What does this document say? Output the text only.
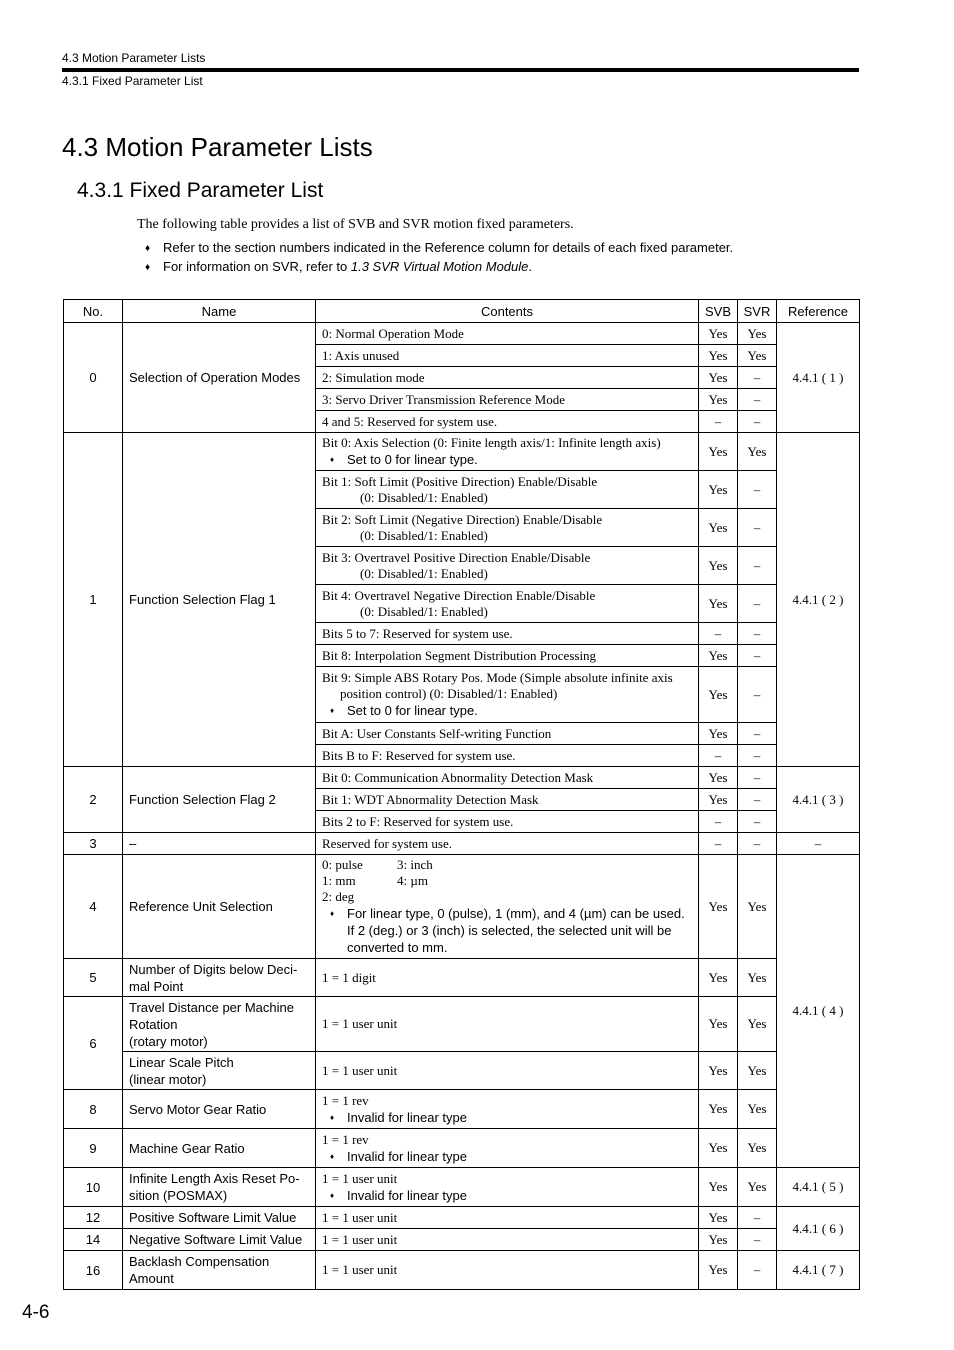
4.3 Motion Parameter Lists
4.3.1 Fixed Parameter List
4.3 Motion Parameter Lists
4.3.1 Fixed Parameter List
The following table provides a list of SVB and SVR motion fixed parameters.
♦ Refer to the section numbers indicated in the Reference column for details of each fixed parameter.
♦ For information on SVR, refer to 1.3 SVR Virtual Motion Module.
No.	Name	Contents	SVB	SVR	Reference
0	Selection of Operation Modes	0: Normal Operation Mode	Yes	Yes	4.4.1 ( 1 )
		1: Axis unused	Yes	Yes	
		2: Simulation mode	Yes	–	
		3: Servo Driver Transmission Reference Mode	Yes	–	
		4 and 5: Reserved for system use.	–	–	
1	Function Selection Flag 1	Bit 0: Axis Selection (0: Finite length axis/1: Infinite length axis)
♦ Set to 0 for linear type.	Yes	Yes	4.4.1 ( 2 )
		Bit 1: Soft Limit (Positive Direction) Enable/Disable
(0: Disabled/1: Enabled)	Yes	–	
		Bit 2: Soft Limit (Negative Direction) Enable/Disable
(0: Disabled/1: Enabled)	Yes	–	
		Bit 3: Overtravel Positive Direction Enable/Disable
(0: Disabled/1: Enabled)	Yes	–	
		Bit 4: Overtravel Negative Direction Enable/Disable
(0: Disabled/1: Enabled)	Yes	–	
		Bits 5 to 7: Reserved for system use.	–	–	
		Bit 8: Interpolation Segment Distribution Processing	Yes	–	
		Bit 9: Simple ABS Rotary Pos. Mode (Simple absolute infinite axis
position control) (0: Disabled/1: Enabled)
♦ Set to 0 for linear type.	Yes	–	
		Bit A: User Constants Self-writing Function	Yes	–	
		Bits B to F: Reserved for system use.	–	–	
2	Function Selection Flag 2	Bit 0: Communication Abnormality Detection Mask	Yes	–	4.4.1 ( 3 )
		Bit 1: WDT Abnormality Detection Mask	Yes	–	
		Bits 2 to F: Reserved for system use.	–	–	
3	–	Reserved for system use.	–	–	–
4	Reference Unit Selection	0: pulse 3: inch
1: mm 4: µm
2: deg
♦ For linear type, 0 (pulse), 1 (mm), and 4 (µm) can be used. If 2 (deg.) or 3 (inch) is selected, the selected unit will be converted to mm.	Yes	Yes	4.4.1 ( 4 )
5	Number of Digits below Deci-mal Point	1 = 1 digit	Yes	Yes	
6	Travel Distance per Machine Rotation
(rotary motor)	1 = 1 user unit	Yes	Yes	

	Linear Scale Pitch
(linear motor)	1 = 1 user unit	Yes	Yes	
8	Servo Motor Gear Ratio	1 = 1 rev
♦ Invalid for linear type	Yes	Yes	
9	Machine Gear Ratio	1 = 1 rev
♦ Invalid for linear type	Yes	Yes	
10	Infinite Length Axis Reset Po-sition (POSMAX)	1 = 1 user unit
♦ Invalid for linear type	Yes	Yes	4.4.1 ( 5 )
12	Positive Software Limit Value	1 = 1 user unit	Yes	–	4.4.1 ( 6 )
14	Negative Software Limit Value	1 = 1 user unit	Yes	–	
16	Backlash Compensation Amount	1 = 1 user unit	Yes	–	4.4.1 ( 7 )
4-6
